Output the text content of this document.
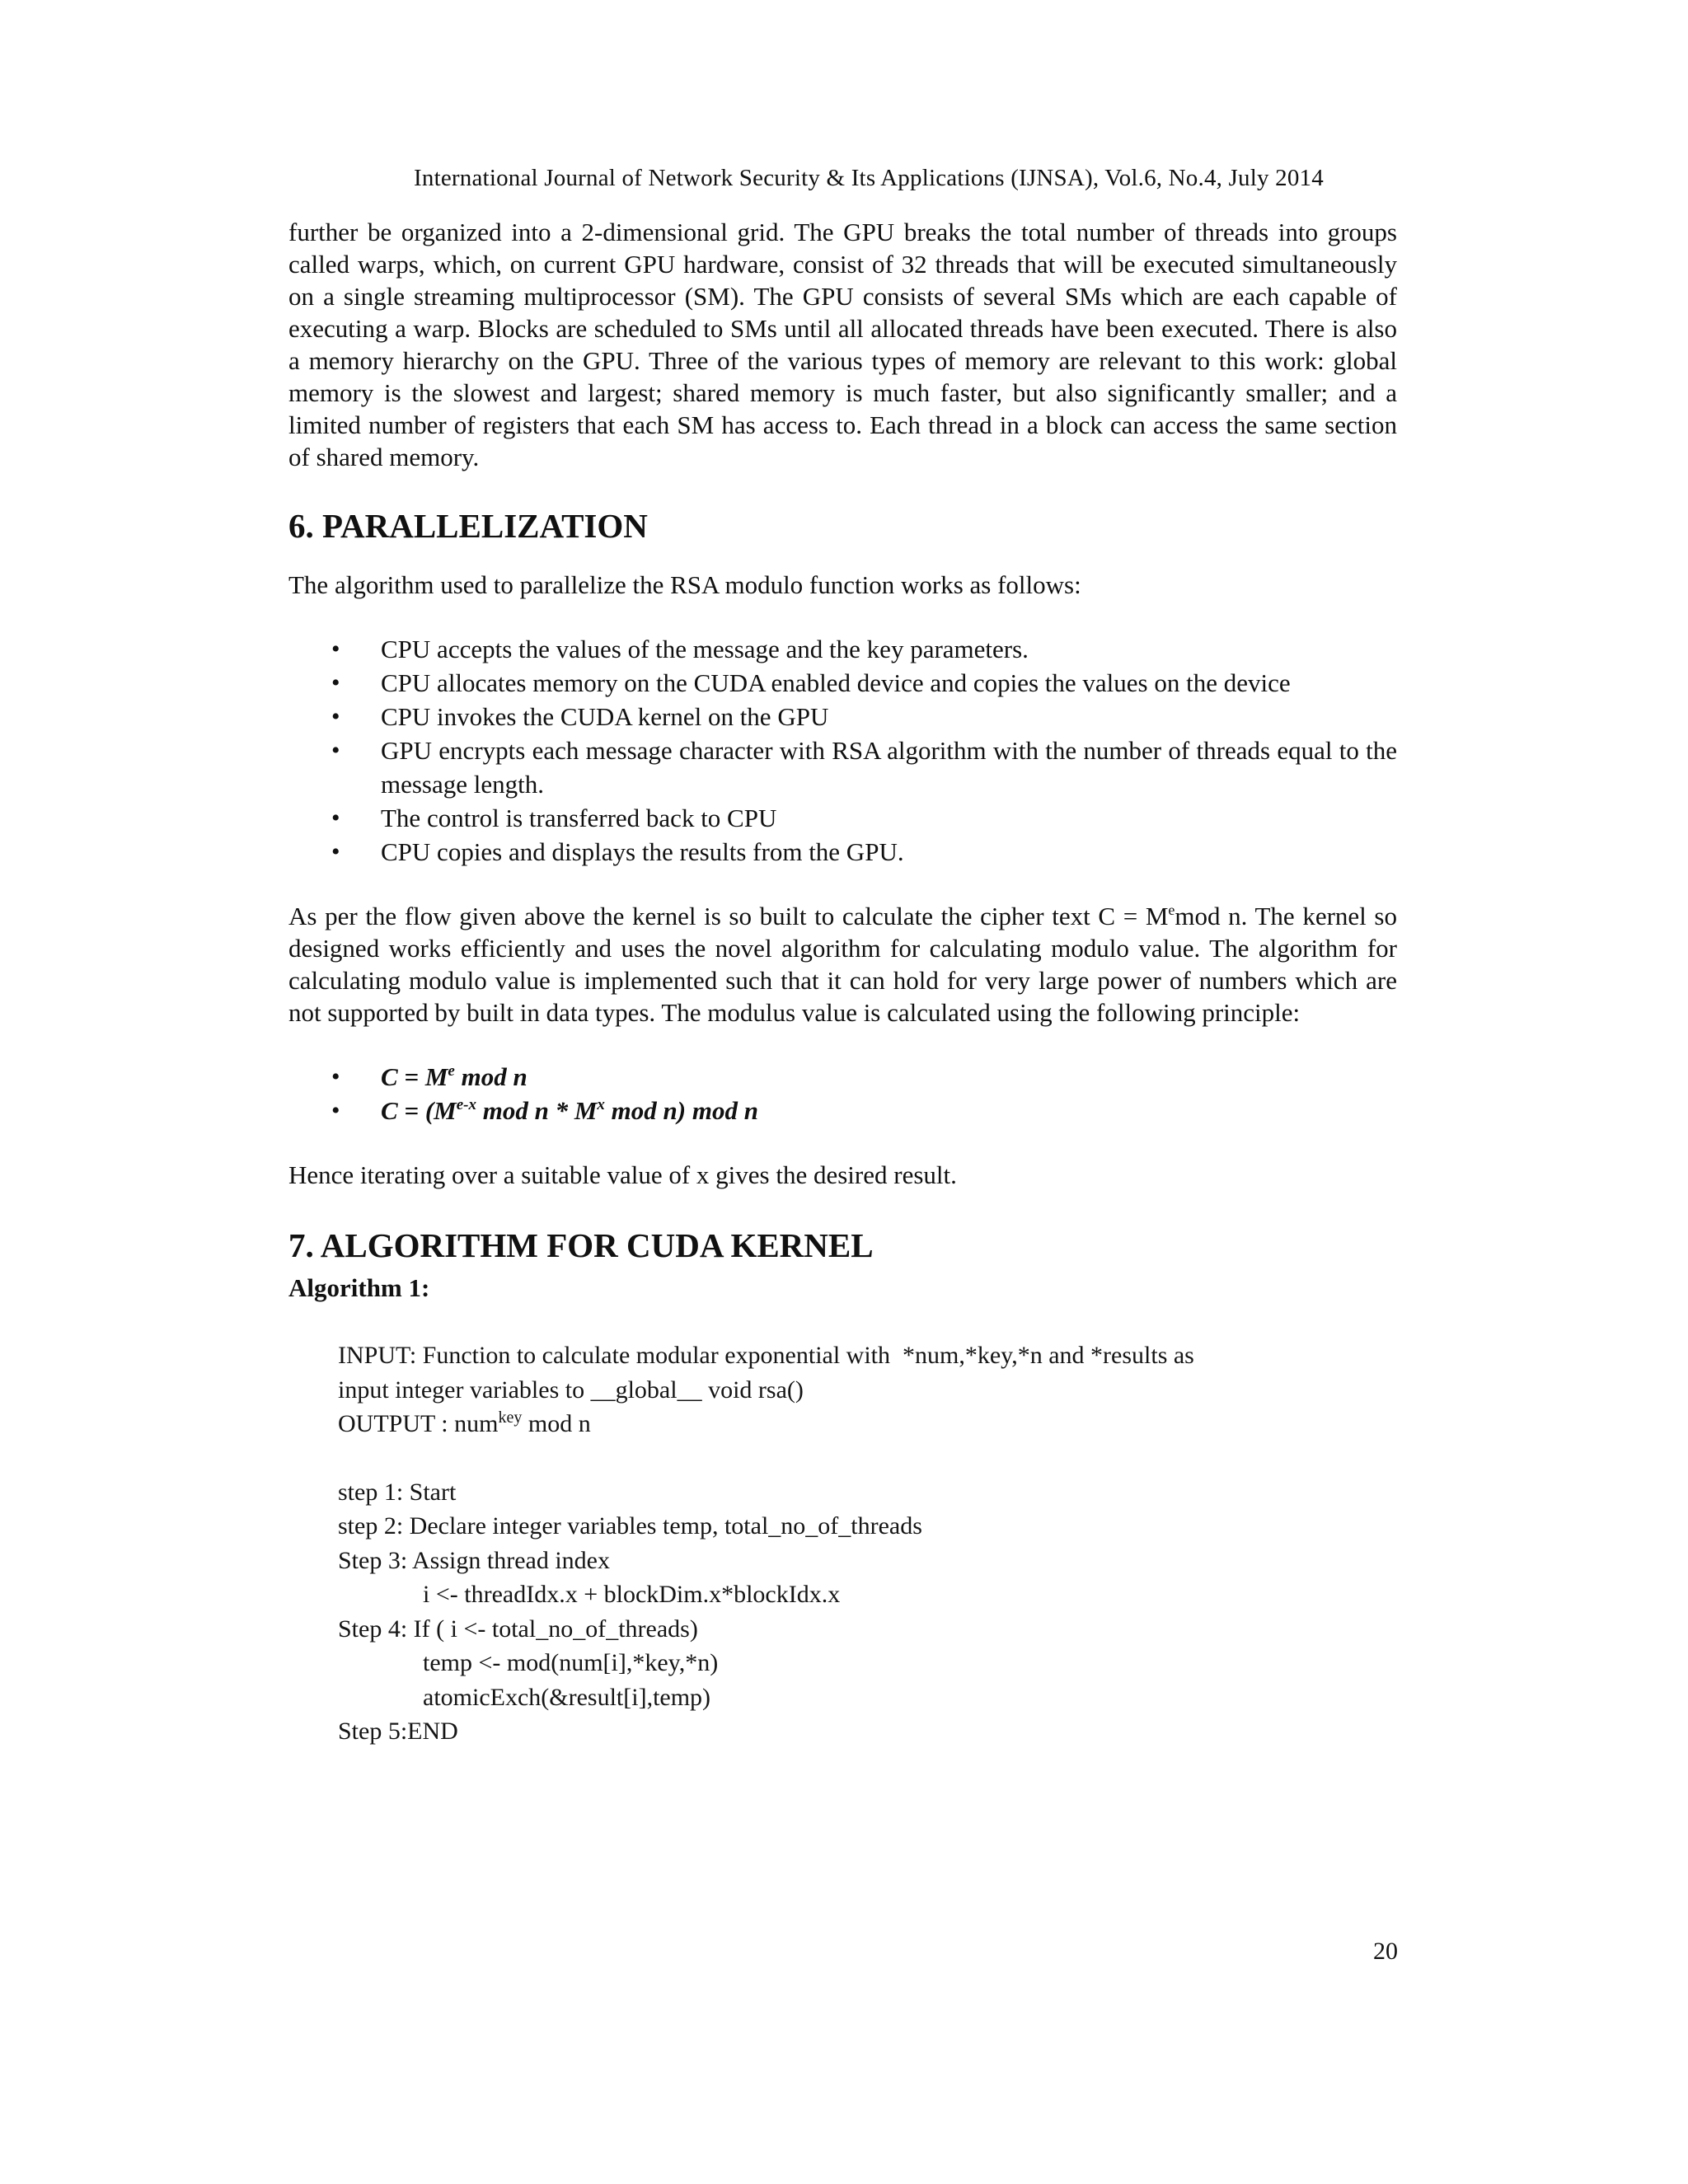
International Journal of Network Security & Its Applications (IJNSA), Vol.6, No.4, July 2014

further be organized into a 2-dimensional grid. The GPU breaks the total number of threads into groups called warps, which, on current GPU hardware, consist of 32 threads that will be executed simultaneously on a single streaming multiprocessor (SM). The GPU consists of several SMs which are each capable of executing a warp. Blocks are scheduled to SMs until all allocated threads have been executed. There is also a memory hierarchy on the GPU. Three of the various types of memory are relevant to this work: global memory is the slowest and largest; shared memory is much faster, but also significantly smaller; and a limited number of registers that each SM has access to. Each thread in a block can access the same section of shared memory.

6. PARALLELIZATION

The algorithm used to parallelize the RSA modulo function works as follows:

• CPU accepts the values of the message and the key parameters.
• CPU allocates memory on the CUDA enabled device and copies the values on the device
• CPU invokes the CUDA kernel on the GPU
• GPU encrypts each message character with RSA algorithm with the number of threads equal to the message length.
• The control is transferred back to CPU
• CPU copies and displays the results from the GPU.

As per the flow given above the kernel is so built to calculate the cipher text $C = M^emod$ n. The kernel so designed works efficiently and uses the novel algorithm for calculating modulo value. The algorithm for calculating modulo value is implemented such that it can hold for very large power of numbers which are not supported by built in data types. The modulus value is calculated using the following principle:

• $C = M^e$ mod n
• $C = (M^{e-x}$ mod n * $M^x$ mod n) mod n

Hence iterating over a suitable value of x gives the desired result.

7. ALGORITHM FOR CUDA KERNEL

Algorithm 1:

INPUT: Function to calculate modular exponential with  *num,*key,*n and *results as
input integer variables to __global__ void rsa()
OUTPUT : num$^{key}$ mod n
step 1: Start
step 2: Declare integer variables temp, total_no_of_threads
Step 3: Assign thread index
i <- threadIdx.x + blockDim.x*blockIdx.x
Step 4: If ( i <- total_no_of_threads)
temp <- mod(num[i],*key,*n)
atomicExch(&result[i],temp)
Step 5:END
20
